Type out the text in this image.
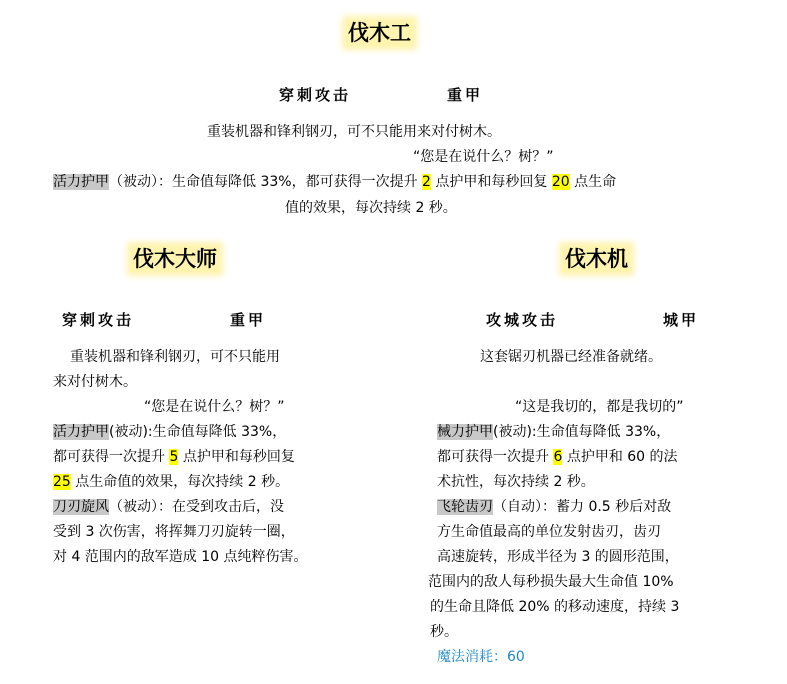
伐木工
穿刺攻击	重甲
重装机器和锋利钢刃，可不只能用来对付树木。
“您是在说什么？树？”
活力护甲（被动）：生命值每降低 33%，都可获得一次提升 2 点护甲和每秒回复 20 点生命
值的效果，每次持续 2 秒。
伐木大师
穿刺攻击	重甲
重装机器和锋利钢刃，可不只能用
来对付树木。
“您是在说什么？树？”
活力护甲(被动):生命值每降低 33%，
都可获得一次提升 5 点护甲和每秒回复
25 点生命值的效果，每次持续 2 秒。
刀刃旋风（被动）：在受到攻击后，没
受到 3 次伤害，将挥舞刀刃旋转一圈，
对 4 范围内的敌军造成 10 点纯粹伤害。
伐木机
攻城攻击	城甲
这套锯刃机器已经准备就绪。
“这是我切的，都是我切的”
械力护甲(被动):生命值每降低 33%，
都可获得一次提升 6 点护甲和 60 的法
术抗性，每次持续 2 秒。
飞轮齿刃（自动）：蓄力 0.5 秒后对敌
方生命值最高的单位发射齿刃，齿刃
高速旋转，形成半径为 3 的圆形范围，
范围内的敌人每秒损失最大生命值 10%
的生命且降低 20% 的移动速度，持续 3
秒。
魔法消耗：60
